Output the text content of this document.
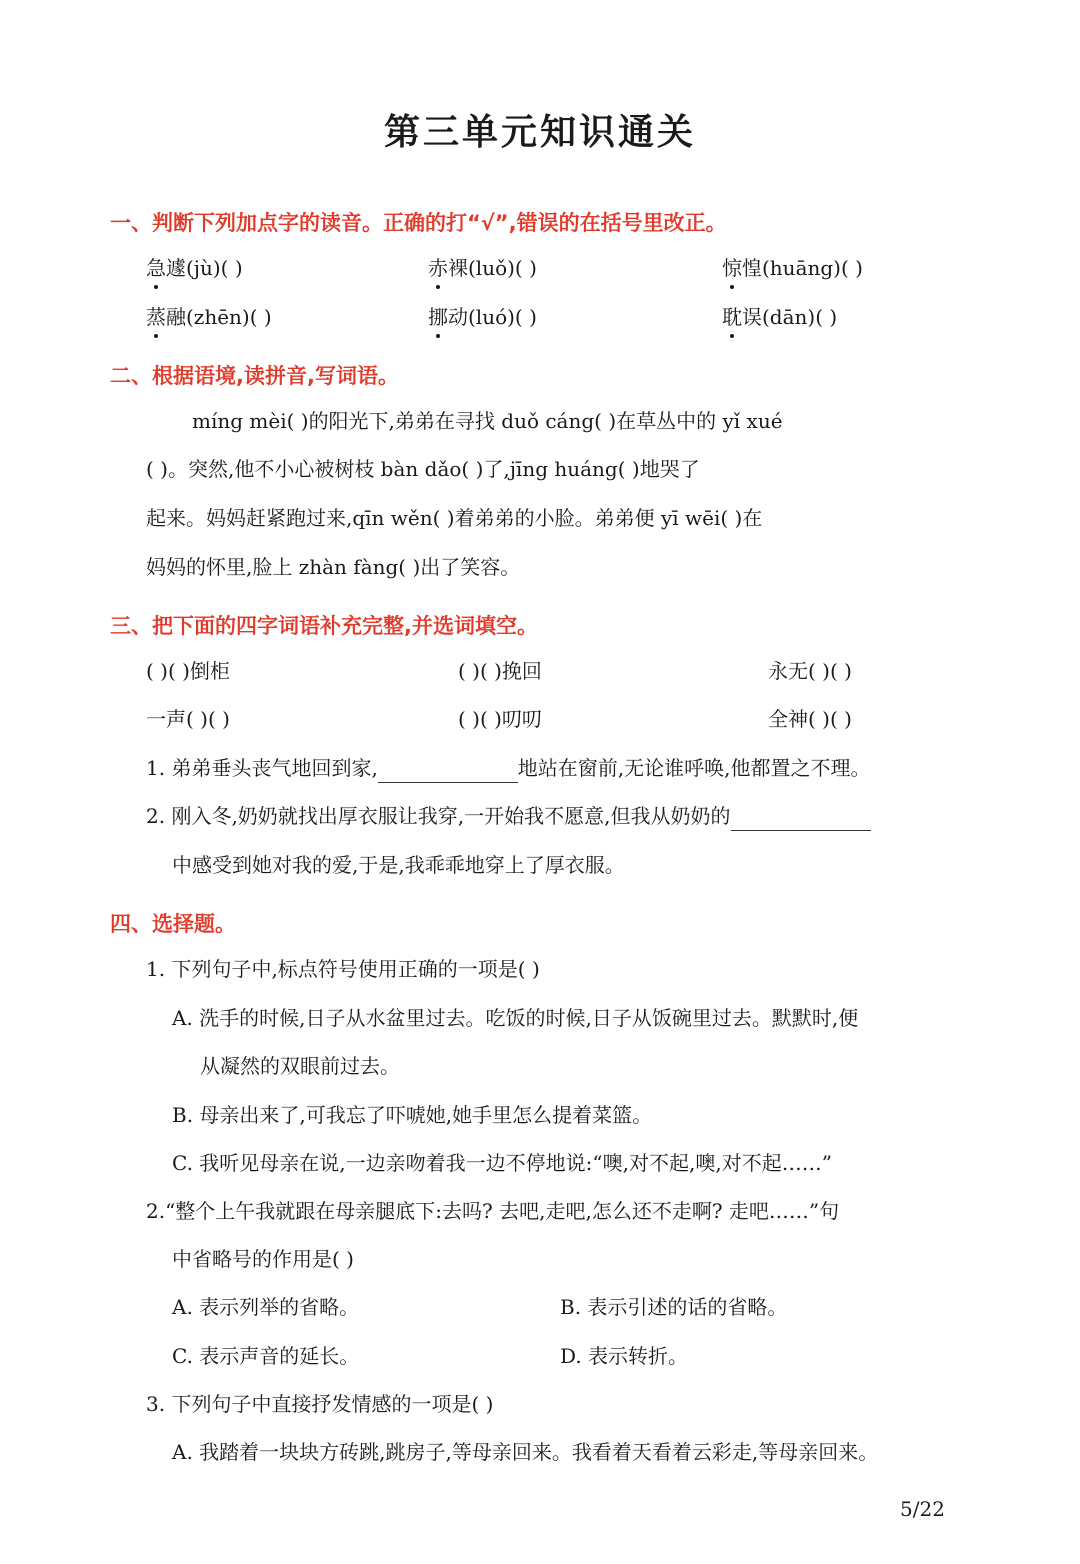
第三单元知识通关
一、判断下列加点字的读音。正确的打“√”,错误的在括号里改正。
急遽(jù)( )	赤裸(luǒ)( )	惊惶(huāng)( )
蒸融(zhēn)( )	挪动(luó)( )	耽误(dān)( )
二、根据语境,读拼音,写词语。
míng mèi( )的阳光下,弟弟在寻找 duǒ cáng( )在草丛中的 yǐ xué
( )。突然,他不小心被树枝 bàn dǎo( )了,jīng huáng( )地哭了
起来。妈妈赶紧跑过来,qīn wěn( )着弟弟的小脸。弟弟便 yī wēi( )在
妈妈的怀里,脸上 zhàn fàng( )出了笑容。
三、把下面的四字词语补充完整,并选词填空。
( )( )倒柜	( )( )挽回	永无( )( )
一声( )( )	( )( )叨叨	全神( )( )
1. 弟弟垂头丧气地回到家,	地站在窗前,无论谁呼唤,他都置之不理。
2. 刚入冬,奶奶就找出厚衣服让我穿,一开始我不愿意,但我从奶奶的
中感受到她对我的爱,于是,我乖乖地穿上了厚衣服。
四、选择题。
1. 下列句子中,标点符号使用正确的一项是( )
A. 洗手的时候,日子从水盆里过去。吃饭的时候,日子从饭碗里过去。默默时,便
从凝然的双眼前过去。
B. 母亲出来了,可我忘了吓唬她,她手里怎么提着菜篮。
C. 我听见母亲在说,一边亲吻着我一边不停地说:“噢,对不起,噢,对不起……”
2.“整个上午我就跟在母亲腿底下:去吗? 去吧,走吧,怎么还不走啊? 走吧……”句
中省略号的作用是( )
A. 表示列举的省略。	B. 表示引述的话的省略。
C. 表示声音的延长。	D. 表示转折。
3. 下列句子中直接抒发情感的一项是( )
A. 我踏着一块块方砖跳,跳房子,等母亲回来。我看着天看着云彩走,等母亲回来。
5/22
